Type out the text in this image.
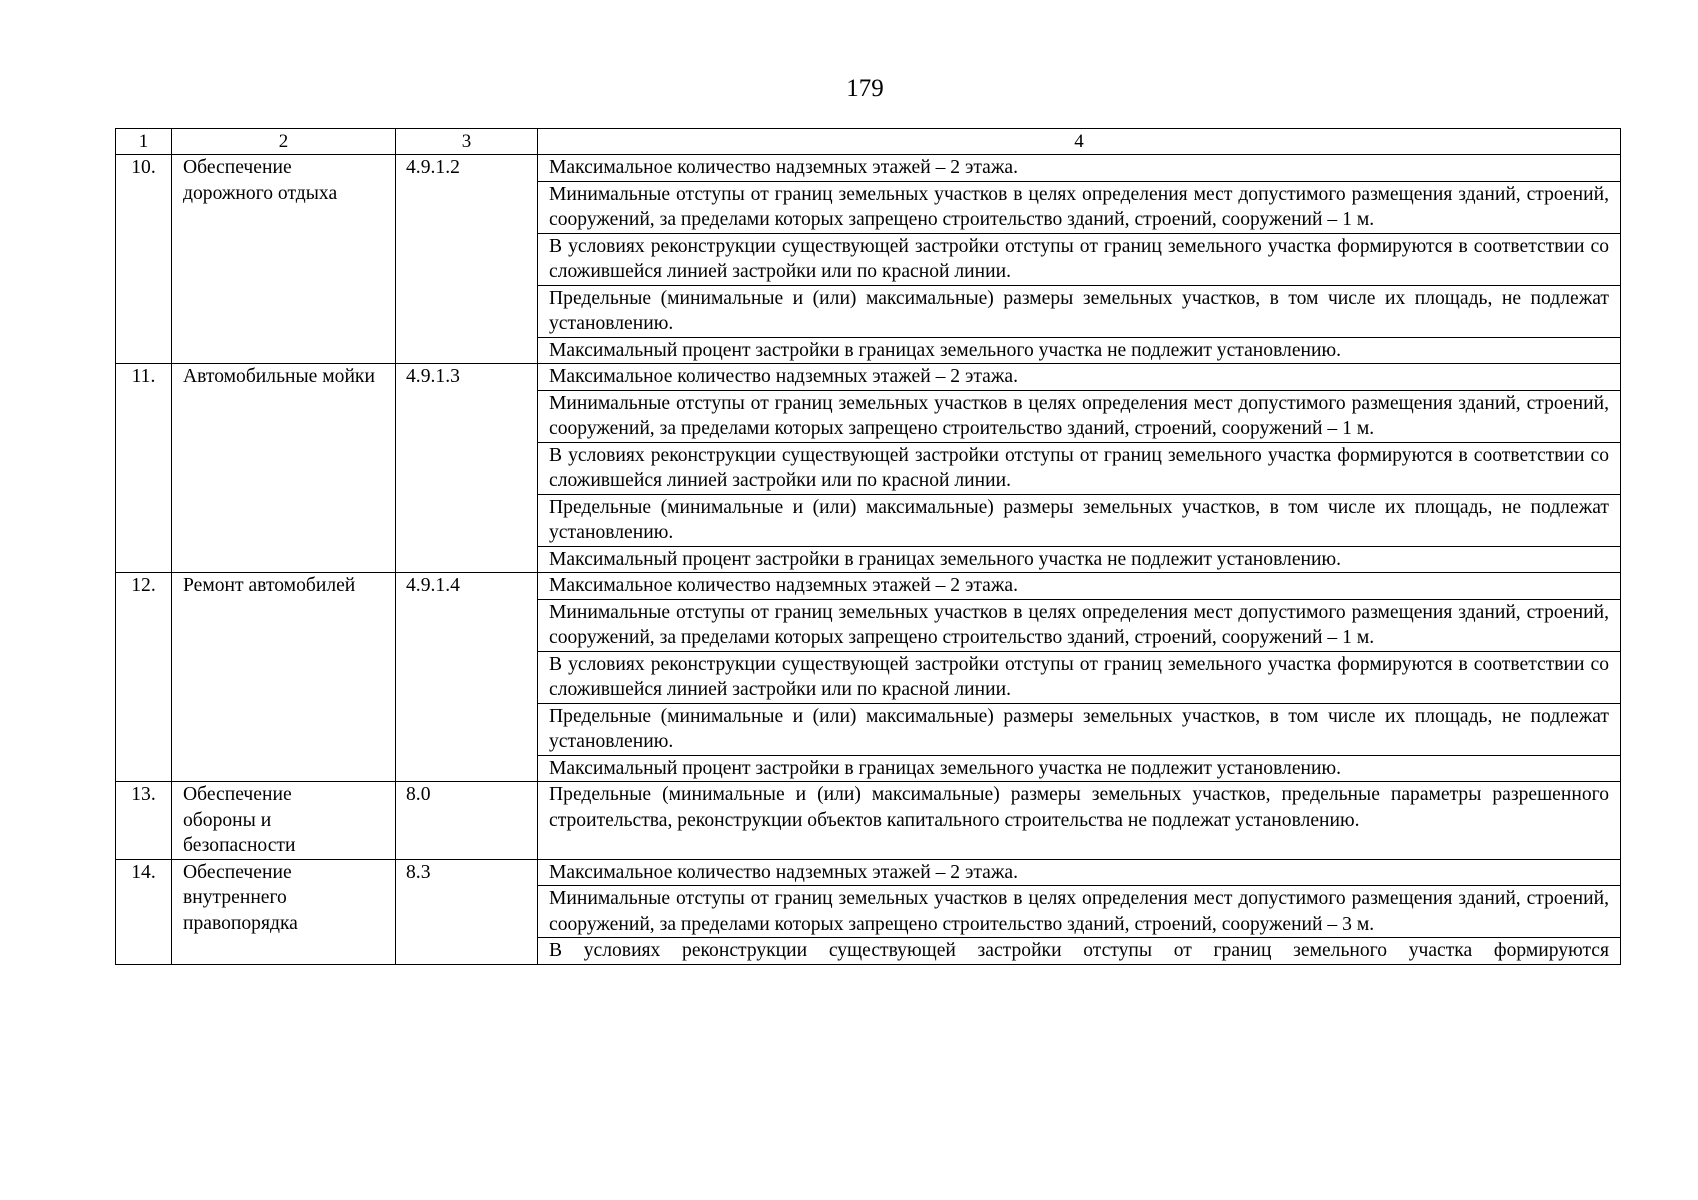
179
1	2	3	4
10.	Обеспечение дорожного отдыха	4.9.1.2	Максимальное количество надземных этажей – 2 этажа.
			Минимальные отступы от границ земельных участков в целях определения мест допустимого размещения зданий, строений, сооружений, за пределами которых запрещено строительство зданий, строений, сооружений – 1 м.
			В условиях реконструкции существующей застройки отступы от границ земельного участка формируются в соответствии со сложившейся линией застройки или по красной линии.
			Предельные (минимальные и (или) максимальные) размеры земельных участков, в том числе их площадь, не подлежат установлению.
			Максимальный процент застройки в границах земельного участка не подлежит установлению.
11.	Автомобильные мойки	4.9.1.3	Максимальное количество надземных этажей – 2 этажа.
			Минимальные отступы от границ земельных участков в целях определения мест допустимого размещения зданий, строений, сооружений, за пределами которых запрещено строительство зданий, строений, сооружений – 1 м.
			В условиях реконструкции существующей застройки отступы от границ земельного участка формируются в соответствии со сложившейся линией застройки или по красной линии.
			Предельные (минимальные и (или) максимальные) размеры земельных участков, в том числе их площадь, не подлежат установлению.
			Максимальный процент застройки в границах земельного участка не подлежит установлению.
12.	Ремонт автомобилей	4.9.1.4	Максимальное количество надземных этажей – 2 этажа.
			Минимальные отступы от границ земельных участков в целях определения мест допустимого размещения зданий, строений, сооружений, за пределами которых запрещено строительство зданий, строений, сооружений – 1 м.
			В условиях реконструкции существующей застройки отступы от границ земельного участка формируются в соответствии со сложившейся линией застройки или по красной линии.
			Предельные (минимальные и (или) максимальные) размеры земельных участков, в том числе их площадь, не подлежат установлению.
			Максимальный процент застройки в границах земельного участка не подлежит установлению.
13.	Обеспечение обороны и безопасности	8.0	Предельные (минимальные и (или) максимальные) размеры земельных участков, предельные параметры разрешенного строительства, реконструкции объектов капитального строительства не подлежат установлению.
14.	Обеспечение внутреннего правопорядка	8.3	Максимальное количество надземных этажей – 2 этажа.
			Минимальные отступы от границ земельных участков в целях определения мест допустимого размещения зданий, строений, сооружений, за пределами которых запрещено строительство зданий, строений, сооружений – 3 м.
			В условиях реконструкции существующей застройки отступы от границ земельного участка формируются
